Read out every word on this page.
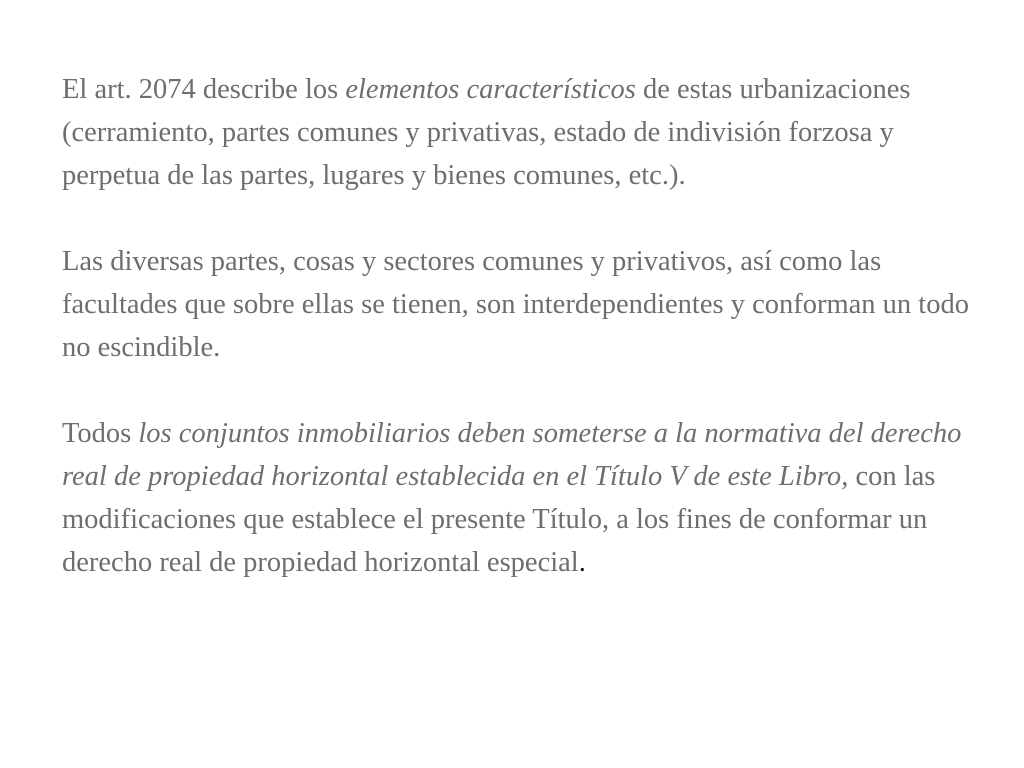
El art. 2074 describe los elementos característicos de estas urbanizaciones (cerramiento, partes comunes y privativas, estado de indivisión forzosa y perpetua de las partes, lugares y bienes comunes, etc.).

Las diversas partes, cosas y sectores comunes y privativos, así como las facultades que sobre ellas se tienen, son interdependientes y conforman un todo no escindible.

Todos los conjuntos inmobiliarios deben someterse a la normativa del derecho real de propiedad horizontal establecida en el Título V de este Libro, con las modificaciones que establece el presente Título, a los fines de conformar un derecho real de propiedad horizontal especial.
